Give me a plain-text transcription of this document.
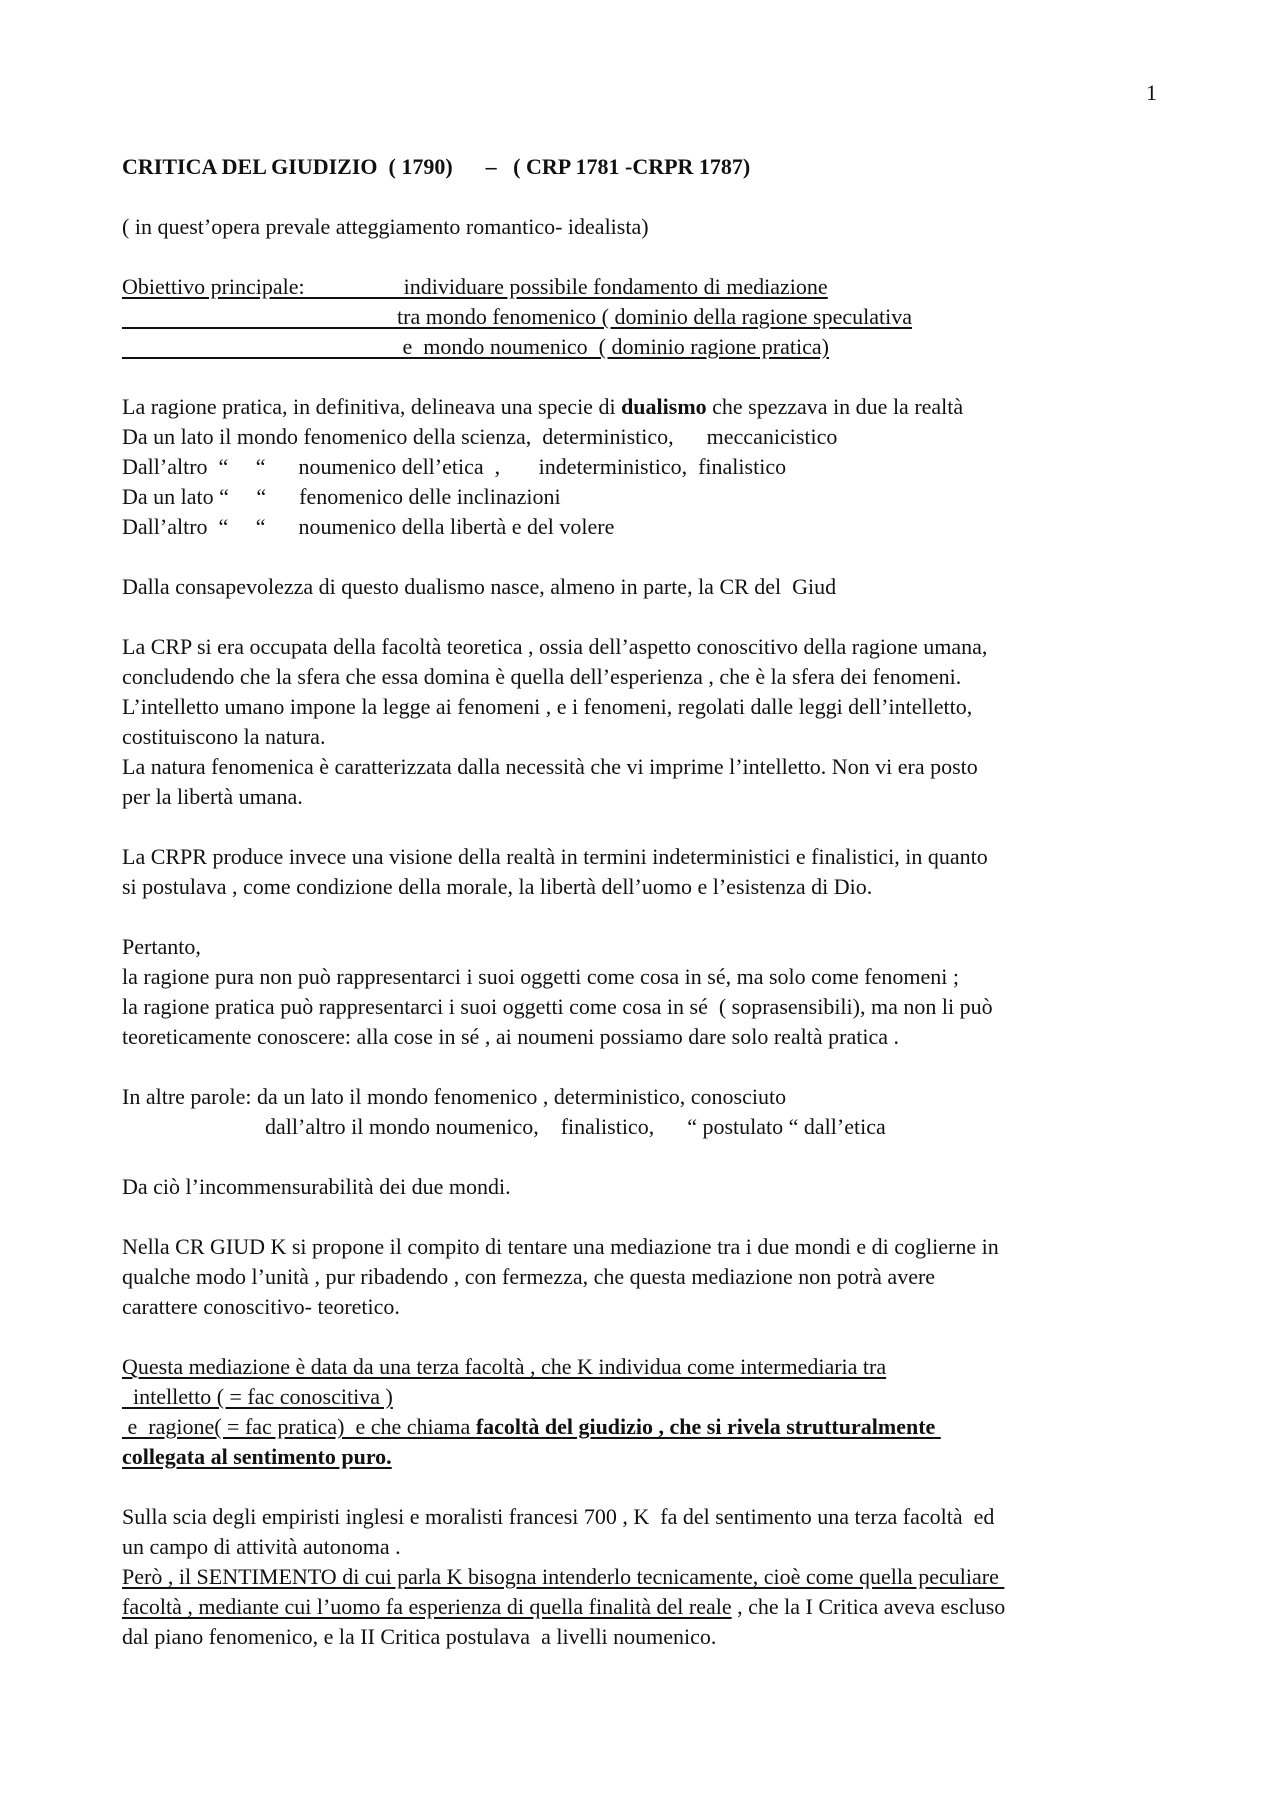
1

CRITICA DEL GIUDIZIO  ( 1790)      –   ( CRP 1781 -CRPR 1787)

( in quest’opera prevale atteggiamento romantico- idealista)

Obiettivo principale:                  individuare possibile fondamento di mediazione

tra mondo fenomenico ( dominio della ragione speculativa

e  mondo noumenico  ( dominio ragione pratica)

La ragione pratica, in definitiva, delineava una specie di dualismo che spezzava in due la realtà

Da un lato il mondo fenomenico della scienza,  deterministico,      meccanicistico

Dall’altro  “     “      noumenico dell’etica  ,       indeterministico,  finalistico

Da un lato “     “      fenomenico delle inclinazioni

Dall’altro  “     “      noumenico della libertà e del volere

Dalla consapevolezza di questo dualismo nasce, almeno in parte, la CR del  Giud

La CRP si era occupata della facoltà teoretica , ossia dell’aspetto conoscitivo della ragione umana,

concludendo che la sfera che essa domina è quella dell’esperienza , che è la sfera dei fenomeni.

L’intelletto umano impone la legge ai fenomeni , e i fenomeni, regolati dalle leggi dell’intelletto,

costituiscono la natura.

La natura fenomenica è caratterizzata dalla necessità che vi imprime l’intelletto. Non vi era posto

per la libertà umana.

La CRPR produce invece una visione della realtà in termini indeterministici e finalistici, in quanto

si postulava , come condizione della morale, la libertà dell’uomo e l’esistenza di Dio.

Pertanto,

la ragione pura non può rappresentarci i suoi oggetti come cosa in sé, ma solo come fenomeni ;

la ragione pratica può rappresentarci i suoi oggetti come cosa in sé  ( soprasensibili), ma non li può

teoreticamente conoscere: alla cose in sé , ai noumeni possiamo dare solo realtà pratica .

In altre parole: da un lato il mondo fenomenico , deterministico, conosciuto

dall’altro il mondo noumenico,    finalistico,      “ postulato “ dall’etica

Da ciò l’incommensurabilità dei due mondi.

Nella CR GIUD K si propone il compito di tentare una mediazione tra i due mondi e di coglierne in

qualche modo l’unità , pur ribadendo , con fermezza, che questa mediazione non potrà avere

carattere conoscitivo- teoretico.

Questa mediazione è data da una terza facoltà , che K individua come intermediaria tra

intelletto ( = fac conoscitiva )

e  ragione( = fac pratica)  e che chiama facoltà del giudizio , che si rivela strutturalmente

collegata al sentimento puro.

Sulla scia degli empiristi inglesi e moralisti francesi 700 , K  fa del sentimento una terza facoltà  ed

un campo di attività autonoma .

Però , il SENTIMENTO di cui parla K bisogna intenderlo tecnicamente, cioè come quella peculiare

facoltà , mediante cui l’uomo fa esperienza di quella finalità del reale , che la I Critica aveva escluso

dal piano fenomenico, e la II Critica postulava  a livelli noumenico.
